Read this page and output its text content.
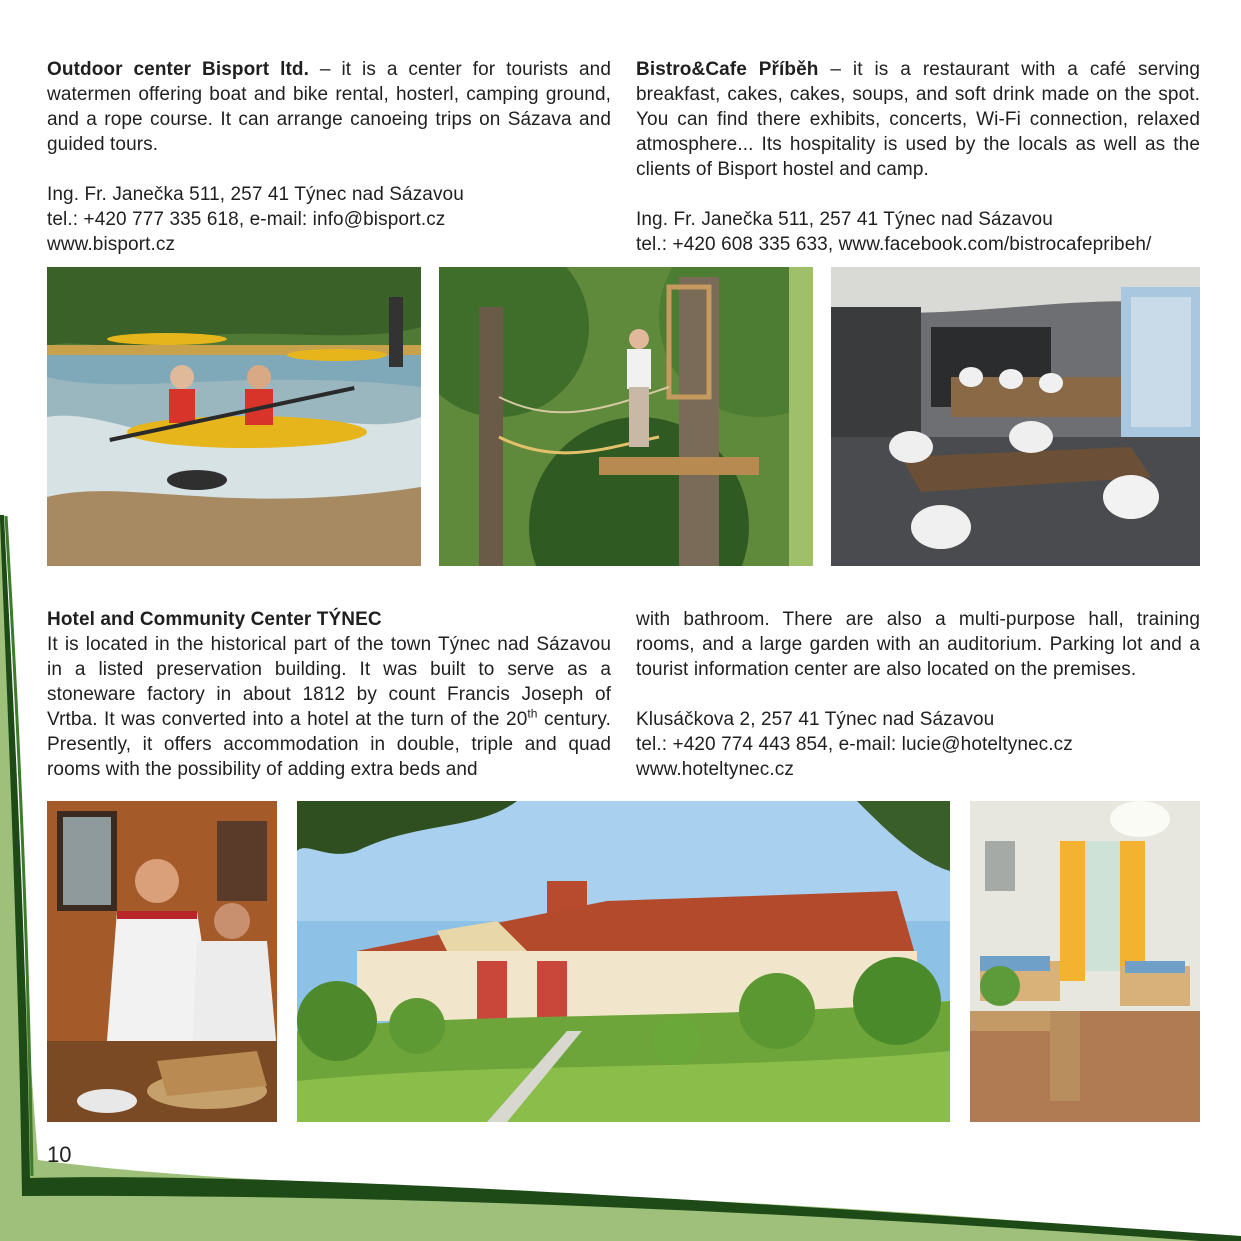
Outdoor center Bisport ltd. – it is a center for tourists and watermen offering boat and bike rental, hosterl, camping ground, and a rope course. It can arrange canoeing trips on Sázava and guided tours.

Ing. Fr. Janečka 511, 257 41 Týnec nad Sázavou
tel.: +420 777 335 618, e-mail: info@bisport.cz
www.bisport.cz

Bistro&Cafe Příběh – it is a restaurant with a café serving breakfast, cakes, cakes, soups, and soft drink made on the spot. You can find there exhibits, concerts, Wi-Fi connection, relaxed atmosphere... Its hospitality is used by the locals as well as the clients of Bisport hostel and camp.

Ing. Fr. Janečka 511, 257 41 Týnec nad Sázavou
tel.: +420 608 335 633, www.facebook.com/bistrocafepribeh/
Hotel and Community Center TÝNEC

It is located in the historical part of the town Týnec nad Sázavou in a listed preservation building. It was built to serve as a stoneware factory in about 1812 by count Francis Joseph of Vrtba. It was converted into a hotel at the turn of the 20th century. Presently, it offers accommodation in double, triple and quad rooms with the possibility of adding extra beds and

with bathroom. There are also a multi-purpose hall, training rooms, and a large garden with an auditorium. Parking lot and a tourist information center are also located on the premises.

Klusáčkova 2, 257 41 Týnec nad Sázavou
tel.: +420 774 443 854, e-mail: lucie@hoteltynec.cz
www.hoteltynec.cz
10
